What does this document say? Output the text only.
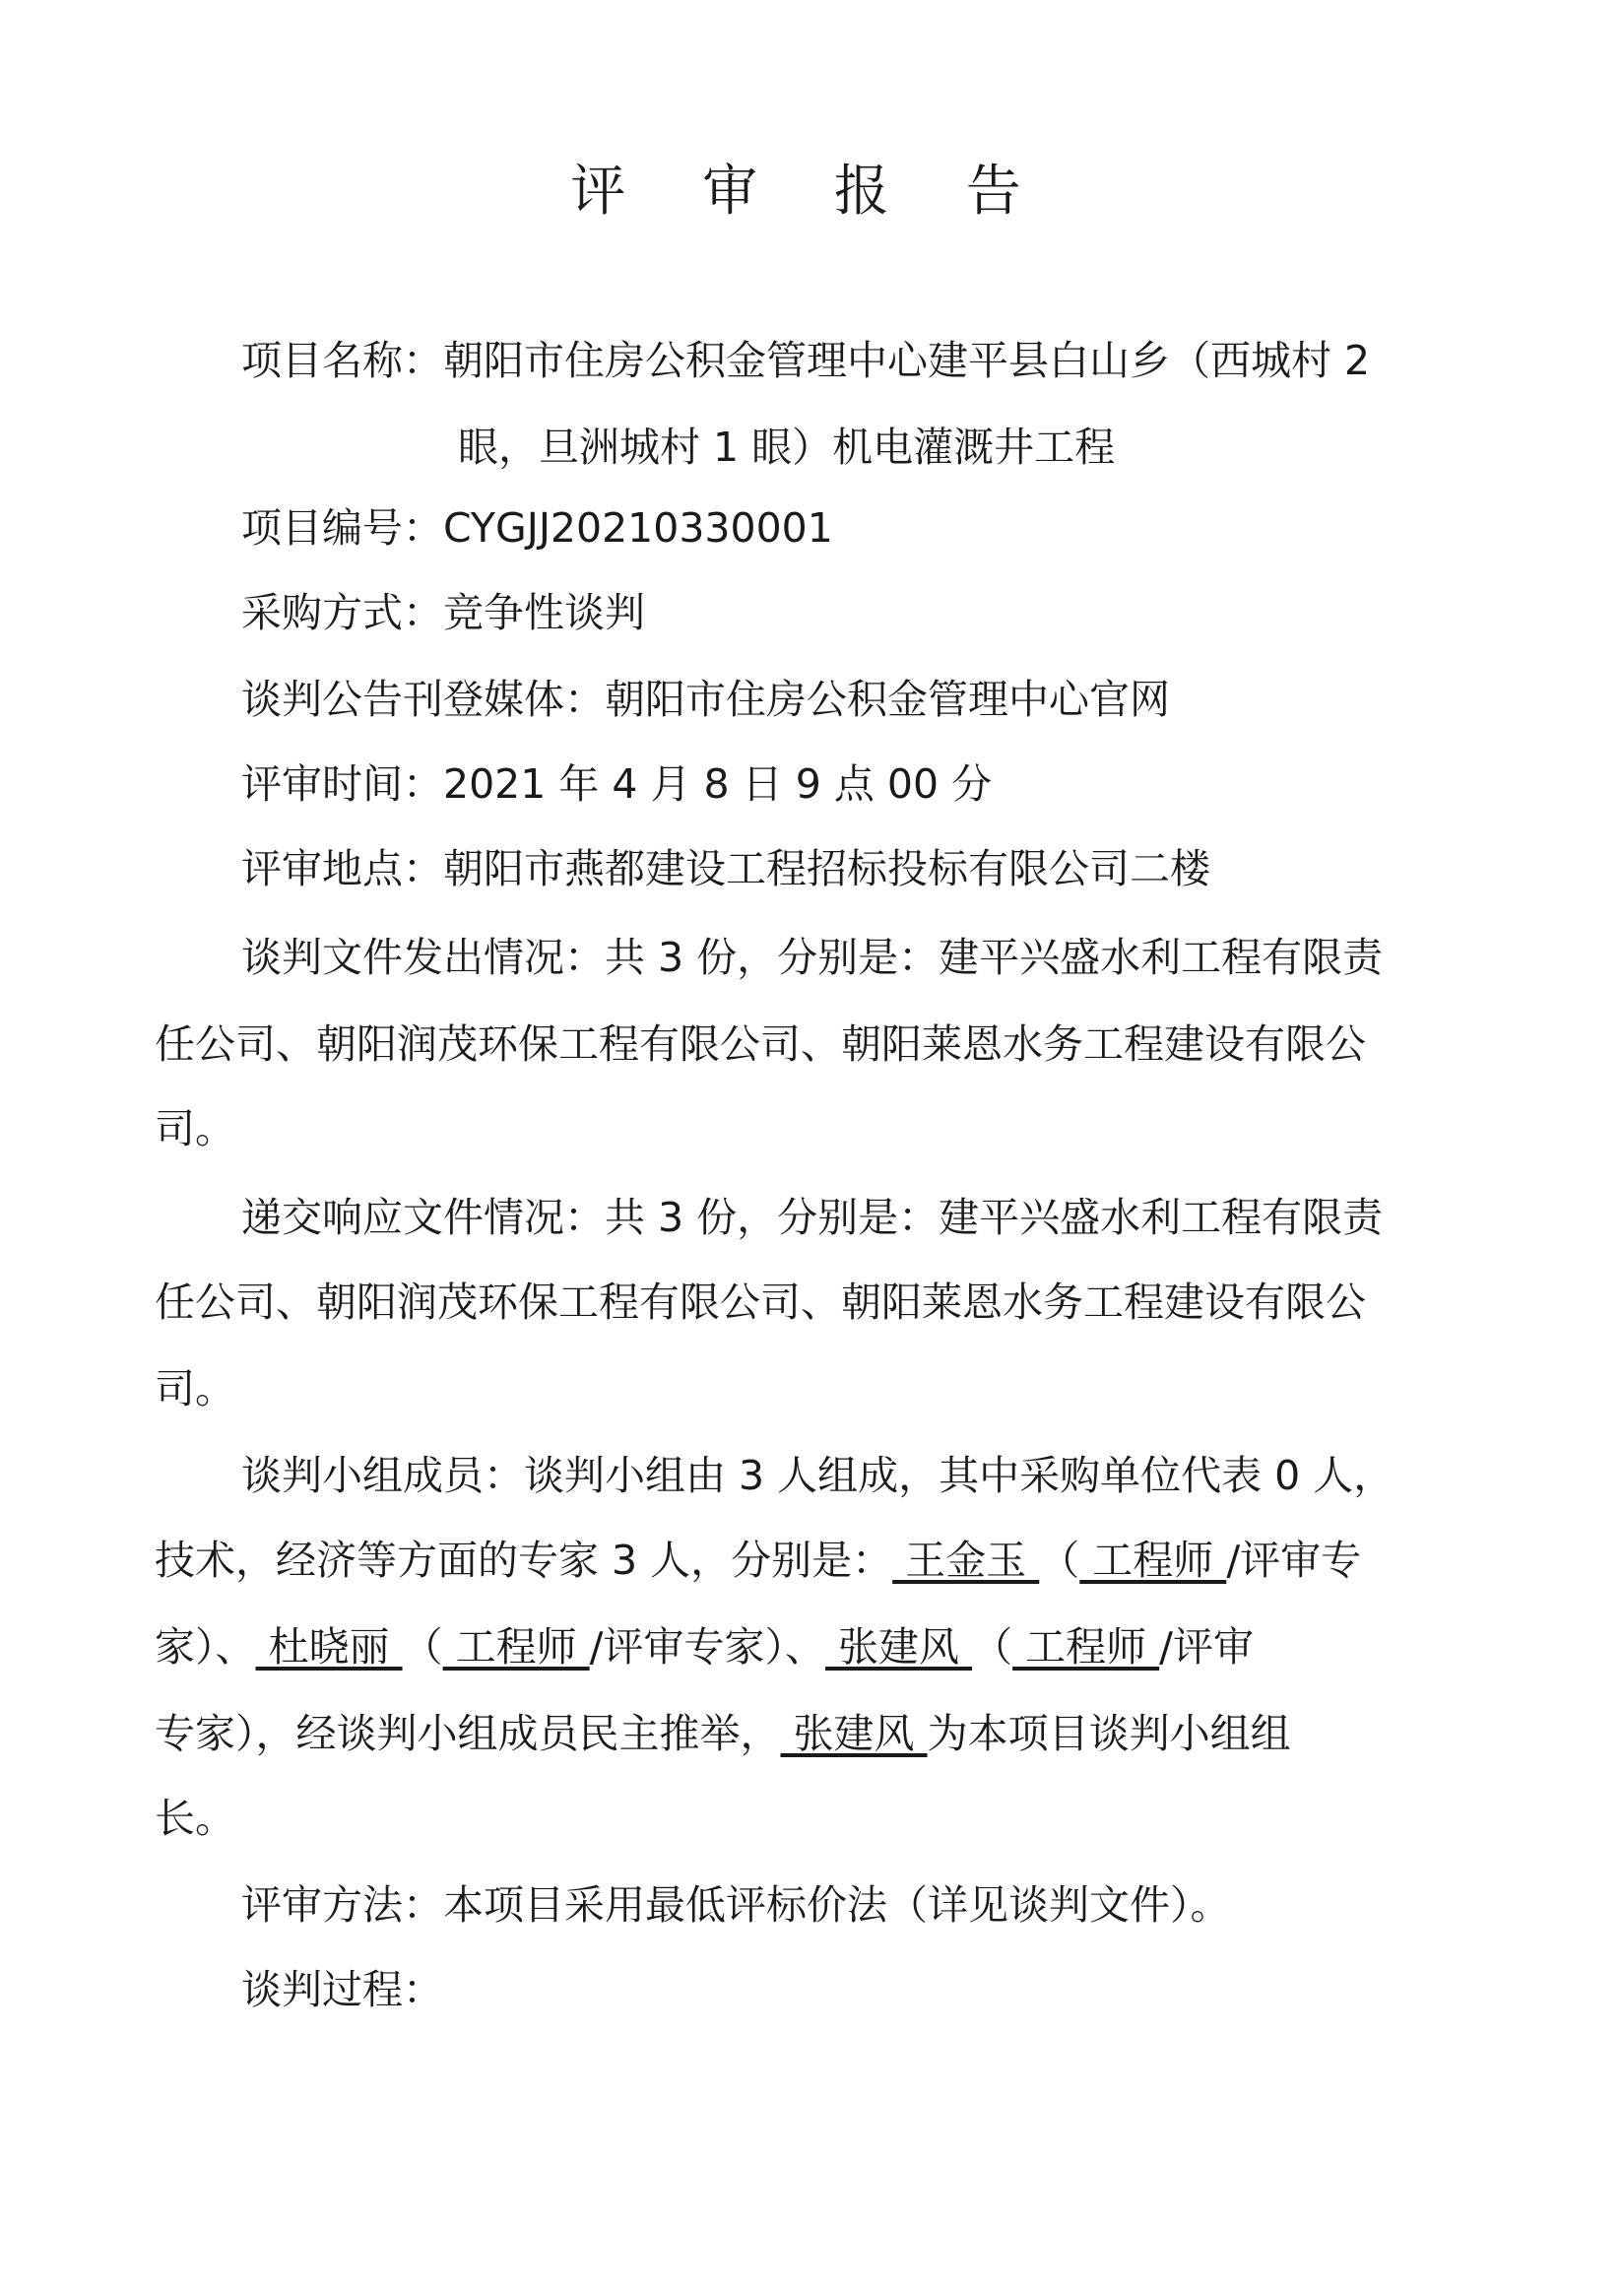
评 审 报 告
项目名称：朝阳市住房公积金管理中心建平县白山乡（西城村 2
眼，旦洲城村 1 眼）机电灌溉井工程
项目编号：CYGJJ20210330001
采购方式：竞争性谈判
谈判公告刊登媒体：朝阳市住房公积金管理中心官网
评审时间：2021 年 4 月 8 日 9 点 00 分
评审地点：朝阳市燕都建设工程招标投标有限公司二楼
谈判文件发出情况：共 3 份，分别是：建平兴盛水利工程有限责
任公司、朝阳润茂环保工程有限公司、朝阳莱恩水务工程建设有限公
司。
递交响应文件情况：共 3 份，分别是：建平兴盛水利工程有限责
任公司、朝阳润茂环保工程有限公司、朝阳莱恩水务工程建设有限公
司。
谈判小组成员：谈判小组由 3 人组成，其中采购单位代表 0 人，
技术，经济等方面的专家 3 人，分别是： 王金玉 （ 工程师 /评审专
家）、 杜晓丽 （ 工程师 /评审专家）、 张建风 （ 工程师 /评审
专家），经谈判小组成员民主推举， 张建风 为本项目谈判小组组
长。
评审方法：本项目采用最低评标价法（详见谈判文件）。
谈判过程：
